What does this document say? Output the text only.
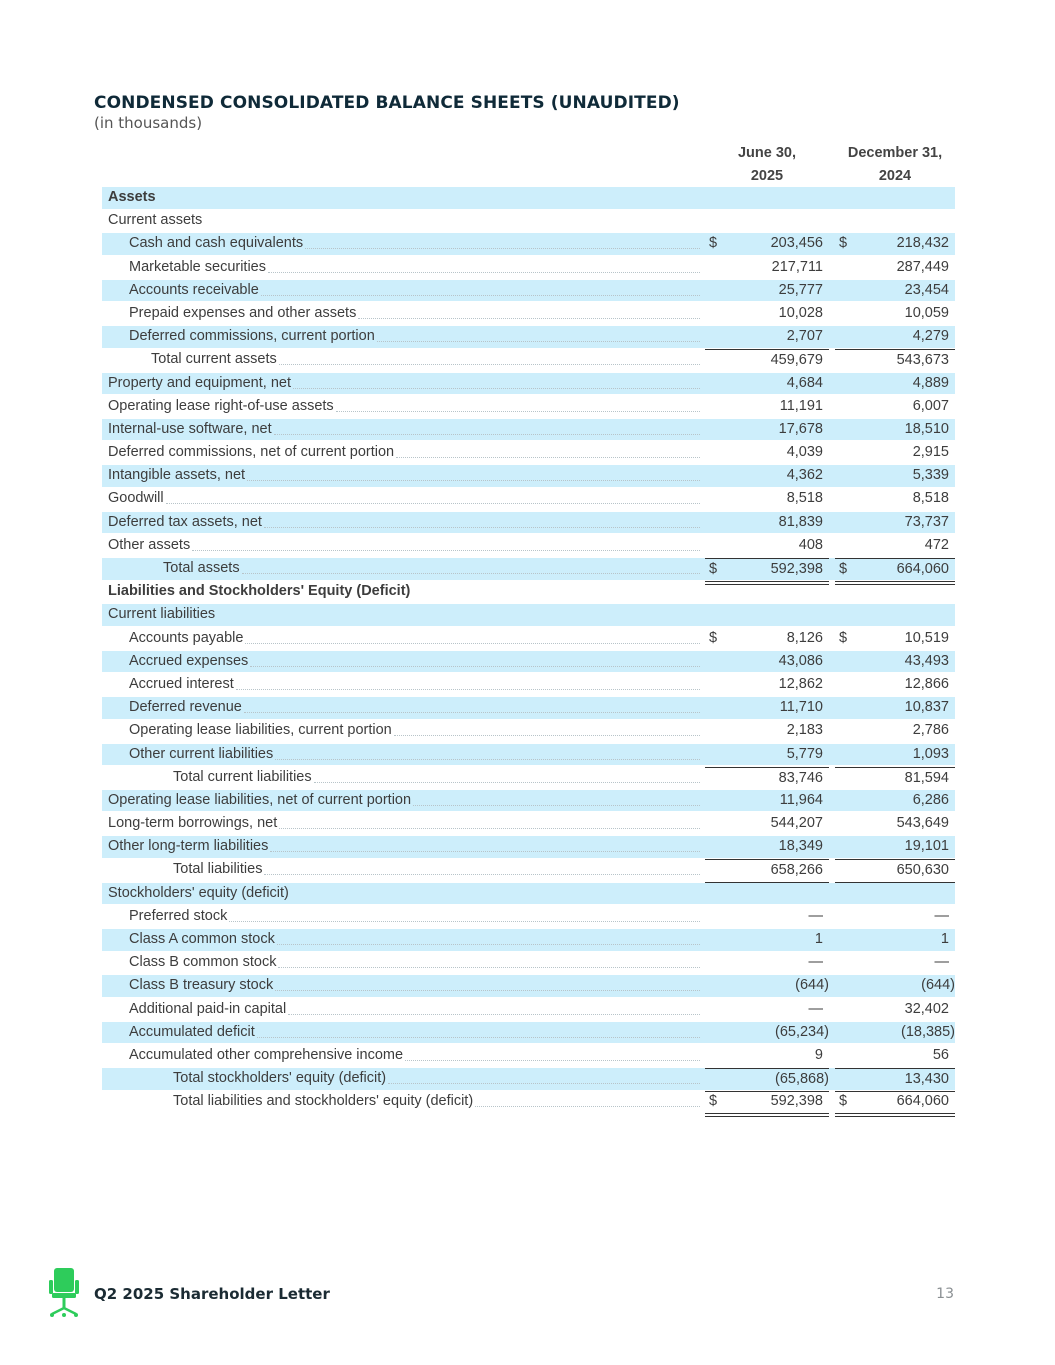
CONDENSED CONSOLIDATED BALANCE SHEETS (UNAUDITED)
(in thousands)
June 30,
2025
December 31,
2024
Assets
Current assets
Cash and cash equivalents	$	203,456 $	218,432
Marketable securities	217,711	287,449
Accounts receivable	25,777	23,454
Prepaid expenses and other assets	10,028	10,059
Deferred commissions, current portion	2,707	4,279
Total current assets	459,679	543,673
Property and equipment, net	4,684	4,889
Operating lease right-of-use assets	11,191	6,007
Internal-use software, net	17,678	18,510
Deferred commissions, net of current portion	4,039	2,915
Intangible assets, net	4,362	5,339
Goodwill	8,518	8,518
Deferred tax assets, net	81,839	73,737
Other assets	408	472
Total assets	$	592,398 $	664,060
Liabilities and Stockholders' Equity (Deficit)
Current liabilities
Accounts payable	$	8,126 $	10,519
Accrued expenses	43,086	43,493
Accrued interest	12,862	12,866
Deferred revenue	11,710	10,837
Operating lease liabilities, current portion	2,183	2,786
Other current liabilities	5,779	1,093
Total current liabilities	83,746	81,594
Operating lease liabilities, net of current portion	11,964	6,286
Long-term borrowings, net	544,207	543,649
Other long-term liabilities	18,349	19,101
Total liabilities	658,266	650,630
Stockholders' equity (deficit)
Preferred stock	—	—
Class A common stock	1	1
Class B common stock	—	—
Class B treasury stock	(644)	(644)
Additional paid-in capital	—	32,402
Accumulated deficit	(65,234)	(18,385)
Accumulated other comprehensive income	9	56
Total stockholders' equity (deficit)	(65,868)	13,430
Total liabilities and stockholders' equity (deficit)	$	592,398 $	664,060
Q2 2025 Shareholder Letter	13
